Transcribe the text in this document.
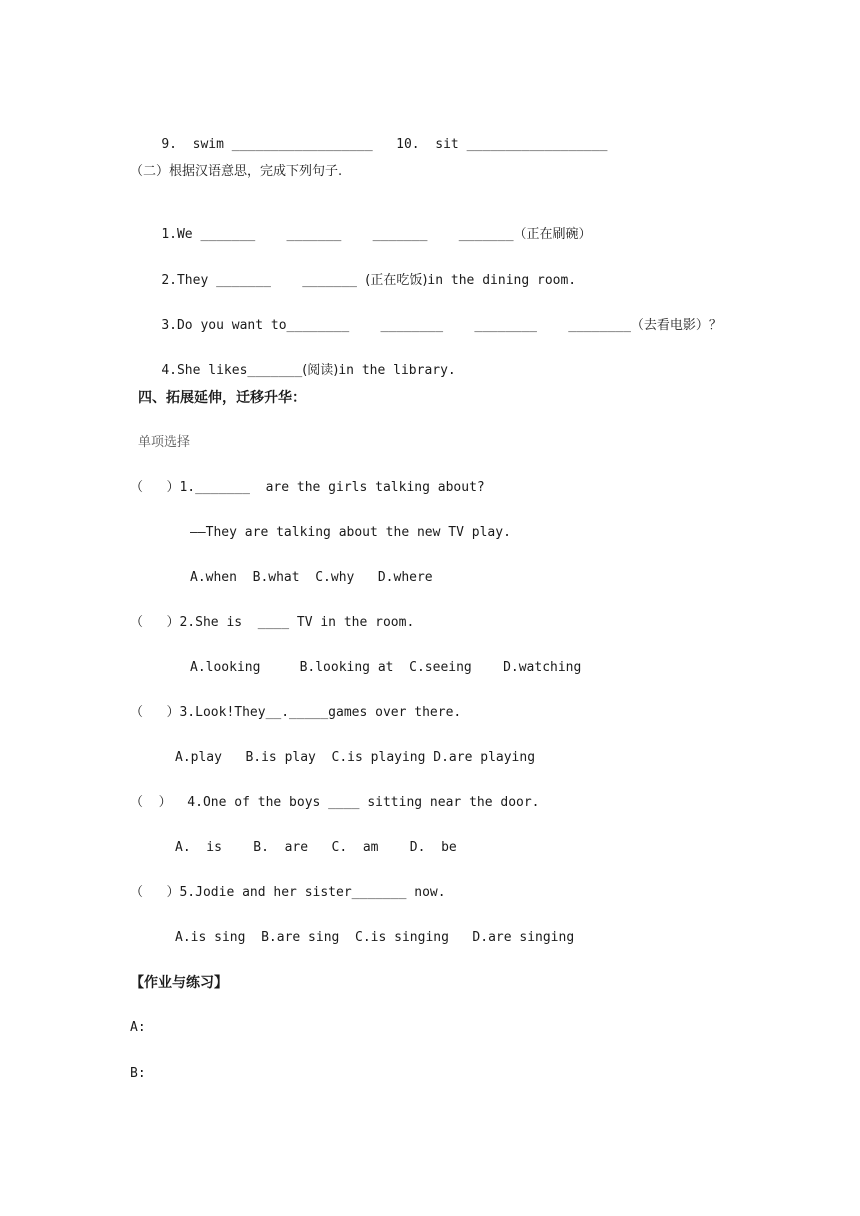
9.  swim __________________ 10.  sit __________________

（二）根据汉语意思，完成下列句子.

1.We _______    _______    _______    _______（正在刷碗）

2.They _______    _______  (正在吃饭)in the dining room.

3.Do you want to________    ________    ________    ________（去看电影）？

4.She likes_______(阅读)in the library.

四、拓展延伸，迁移升华：
单项选择
（   ）1._______  are the girls talking about?
——They are talking about the new TV play.
A.when  B.what  C.why   D.where
（   ）2.She is  ____ TV in the room.
A.looking     B.looking at  C.seeing    D.watching
（   ）3.Look!They__._____games over there.
A.play   B.is play  C.is playing D.are playing
（  ）  4.One of the boys ____ sitting near the door.
A.  is    B.  are   C.  am    D.  be
（   ）5.Jodie and her sister_______ now.
A.is sing  B.are sing  C.is singing   D.are singing
【作业与练习】
A:
B:
